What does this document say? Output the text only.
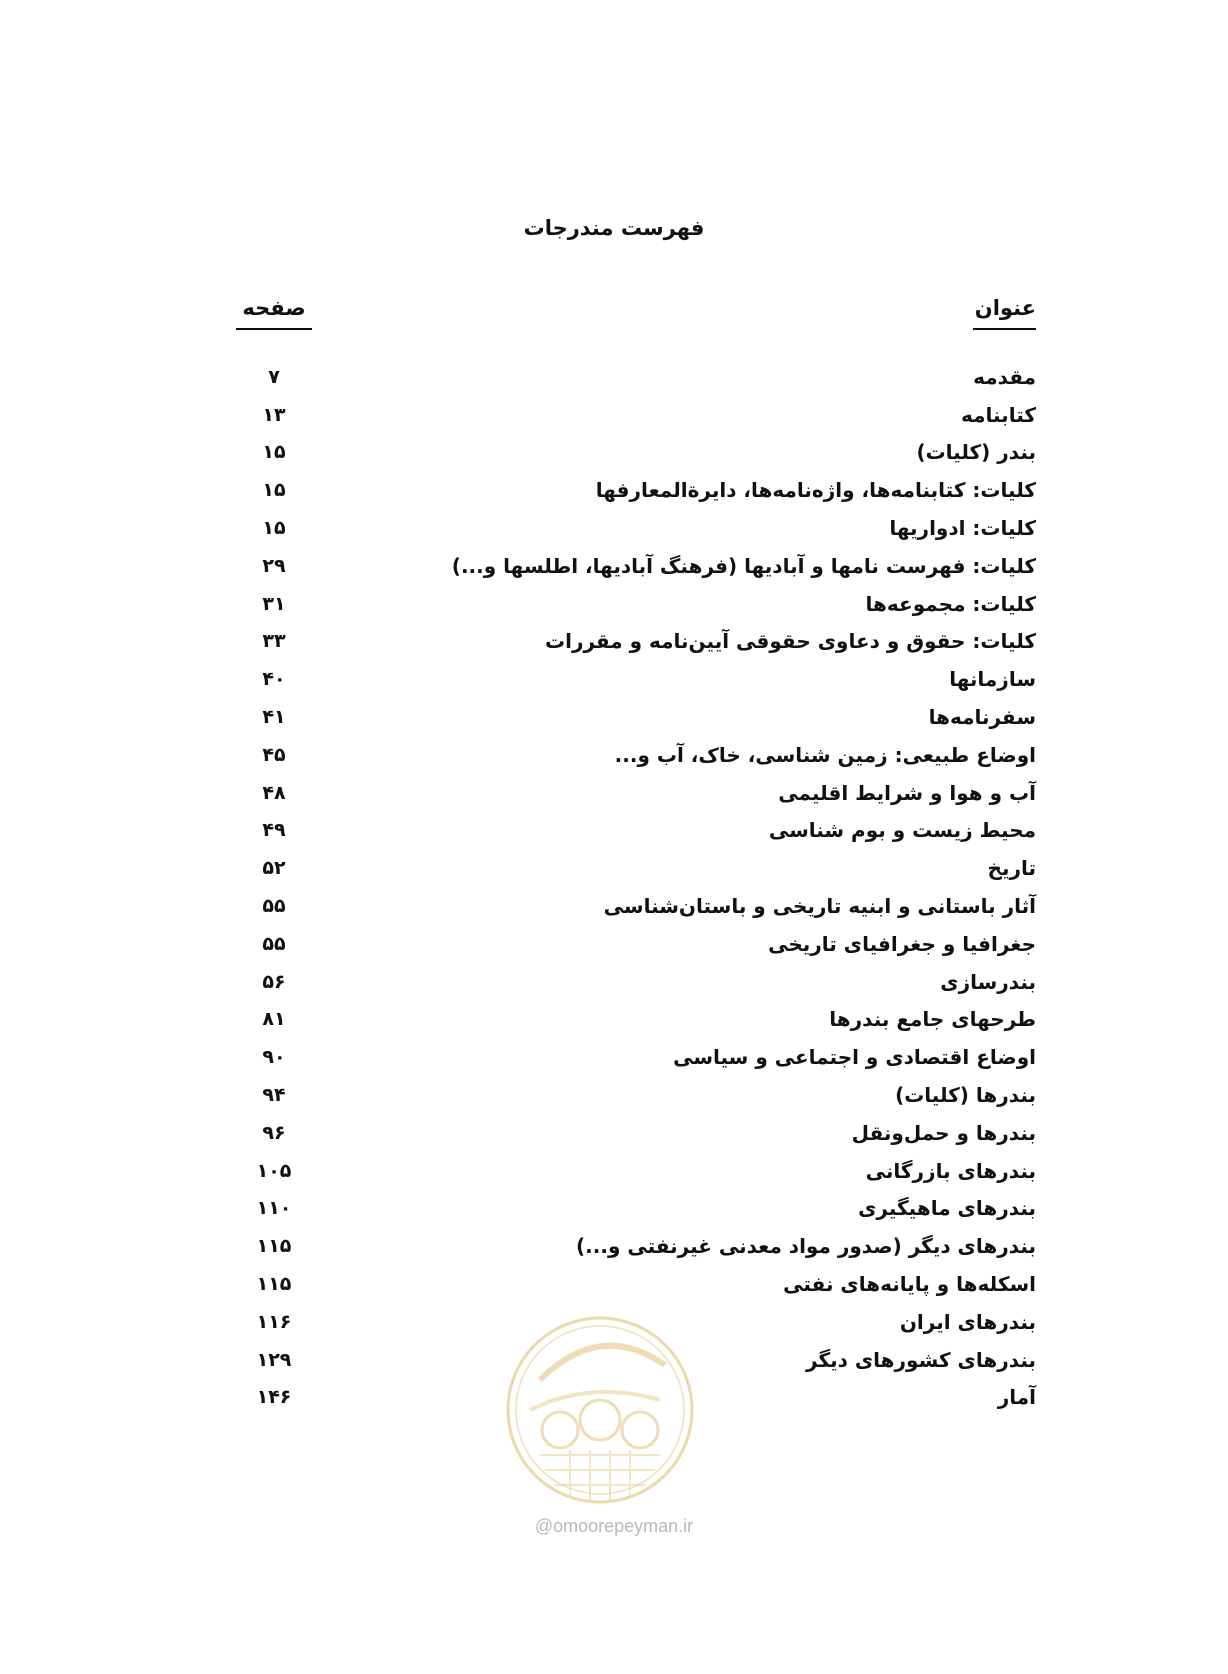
فهرست مندرجات
عنوان
صفحه
مقدمه
۷
کتابنامه
۱۳
بندر (کلیات)
۱۵
کلیات: کتابنامه‌ها، واژه‌نامه‌ها، دایرةالمعارفها
۱۵
کلیات: ادواریها
۱۵
کلیات: فهرست نامها و آبادیها (فرهنگ آبادیها، اطلسها و...)
۲۹
کلیات: مجموعه‌ها
۳۱
کلیات: حقوق و دعاوی حقوقی آیین‌نامه و مقررات
۳۳
سازمانها
۴۰
سفرنامه‌ها
۴۱
اوضاع طبیعی: زمین شناسی، خاک، آب و...
۴۵
آب و هوا و شرایط اقلیمی
۴۸
محیط زیست و بوم شناسی
۴۹
تاریخ
۵۲
آثار باستانی و ابنیه تاریخی و باستان‌شناسی
۵۵
جغرافیا و جغرافیای تاریخی
۵۵
بندرسازی
۵۶
طرحهای جامع بندرها
۸۱
اوضاع اقتصادی و اجتماعی و سیاسی
۹۰
بندرها (کلیات)
۹۴
بندرها و حمل‌ونقل
۹۶
بندرهای بازرگانی
۱۰۵
بندرهای ماهیگیری
۱۱۰
بندرهای دیگر (صدور مواد معدنی غیرنفتی و...)
۱۱۵
اسکله‌ها و پایانه‌های نفتی
۱۱۵
بندرهای ایران
۱۱۶
بندرهای کشورهای دیگر
۱۲۹
آمار
۱۴۶
@omoorepeyman.ir
